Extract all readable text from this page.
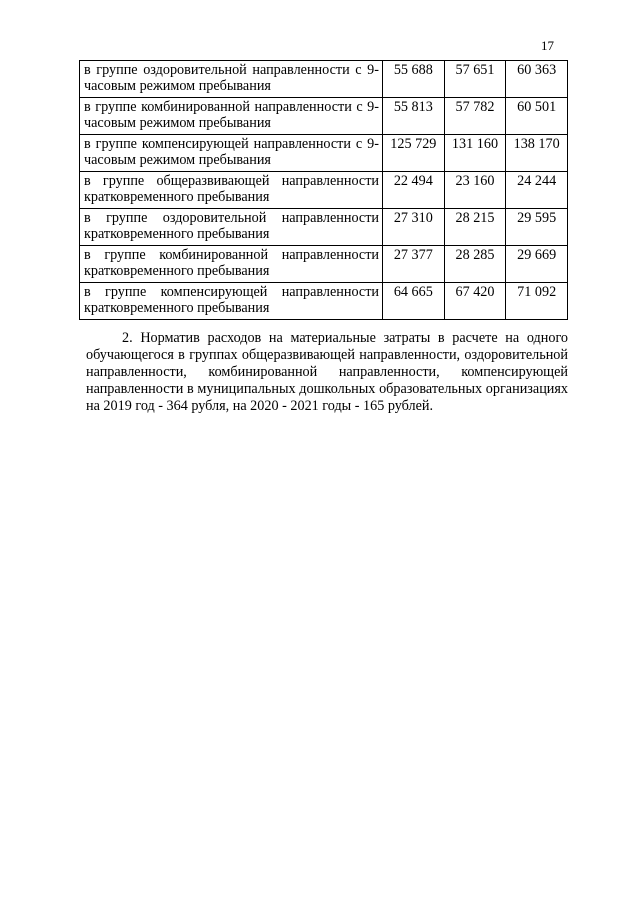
17
в группе оздоровительной направленности с 9-часовым режимом пребывания	55 688	57 651	60 363
в группе комбинированной направленности с 9-часовым режимом пребывания	55 813	57 782	60 501
в группе компенсирующей направленности с 9-часовым режимом пребывания	125 729	131 160	138 170
в группе общеразвивающей направленности кратковременного пребывания	22 494	23 160	24 244
в группе оздоровительной направленности кратковременного пребывания	27 310	28 215	29 595
в группе комбинированной направленности кратковременного пребывания	27 377	28 285	29 669
в группе компенсирующей направленности кратковременного пребывания	64 665	67 420	71 092

2. Норматив расходов на материальные затраты в расчете на одного обучающегося в группах общеразвивающей направленности, оздоровительной направленности, комбинированной направленности, компенсирующей направленности в муниципальных дошкольных образовательных организациях на 2019 год - 364 рубля, на 2020 - 2021 годы - 165 рублей.
